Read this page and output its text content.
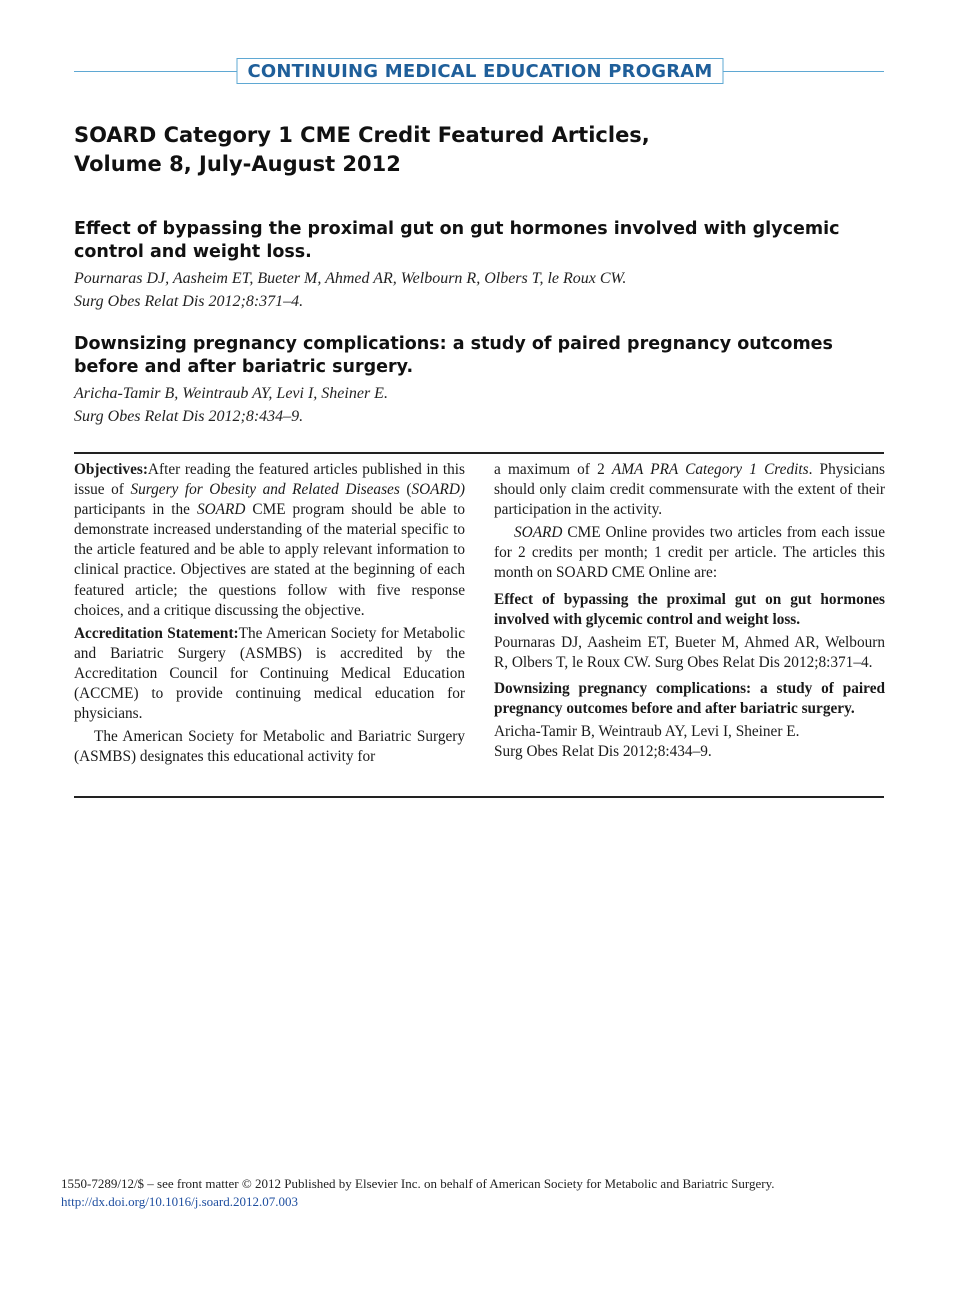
CONTINUING MEDICAL EDUCATION PROGRAM
SOARD Category 1 CME Credit Featured Articles,
Volume 8, July-August 2012
Effect of bypassing the proximal gut on gut hormones involved with glycemic control and weight loss.
Pournaras DJ, Aasheim ET, Bueter M, Ahmed AR, Welbourn R, Olbers T, le Roux CW.
Surg Obes Relat Dis 2012;8:371–4.
Downsizing pregnancy complications: a study of paired pregnancy outcomes before and after bariatric surgery.
Aricha-Tamir B, Weintraub AY, Levi I, Sheiner E.
Surg Obes Relat Dis 2012;8:434–9.

Objectives:After reading the featured articles published in this issue of Surgery for Obesity and Related Diseases (SOARD) participants in the SOARD CME program should be able to demonstrate increased understanding of the material specific to the article featured and be able to apply relevant information to clinical practice. Objectives are stated at the beginning of each featured article; the questions follow with five response choices, and a critique discussing the objective.

Accreditation Statement:The American Society for Metabolic and Bariatric Surgery (ASMBS) is accredited by the Accreditation Council for Continuing Medical Education (ACCME) to provide continuing medical education for physicians.

The American Society for Metabolic and Bariatric Surgery (ASMBS) designates this educational activity for

a maximum of 2 AMA PRA Category 1 Credits. Physicians should only claim credit commensurate with the extent of their participation in the activity.

SOARD CME Online provides two articles from each issue for 2 credits per month; 1 credit per article. The articles this month on SOARD CME Online are:

Effect of bypassing the proximal gut on gut hormones involved with glycemic control and weight loss.

Pournaras DJ, Aasheim ET, Bueter M, Ahmed AR, Welbourn R, Olbers T, le Roux CW. Surg Obes Relat Dis 2012;8:371–4.

Downsizing pregnancy complications: a study of paired pregnancy outcomes before and after bariatric surgery.

Aricha-Tamir B, Weintraub AY, Levi I, Sheiner E.

Surg Obes Relat Dis 2012;8:434–9.

1550-7289/12/$ – see front matter © 2012 Published by Elsevier Inc. on behalf of American Society for Metabolic and Bariatric Surgery.
http://dx.doi.org/10.1016/j.soard.2012.07.003
